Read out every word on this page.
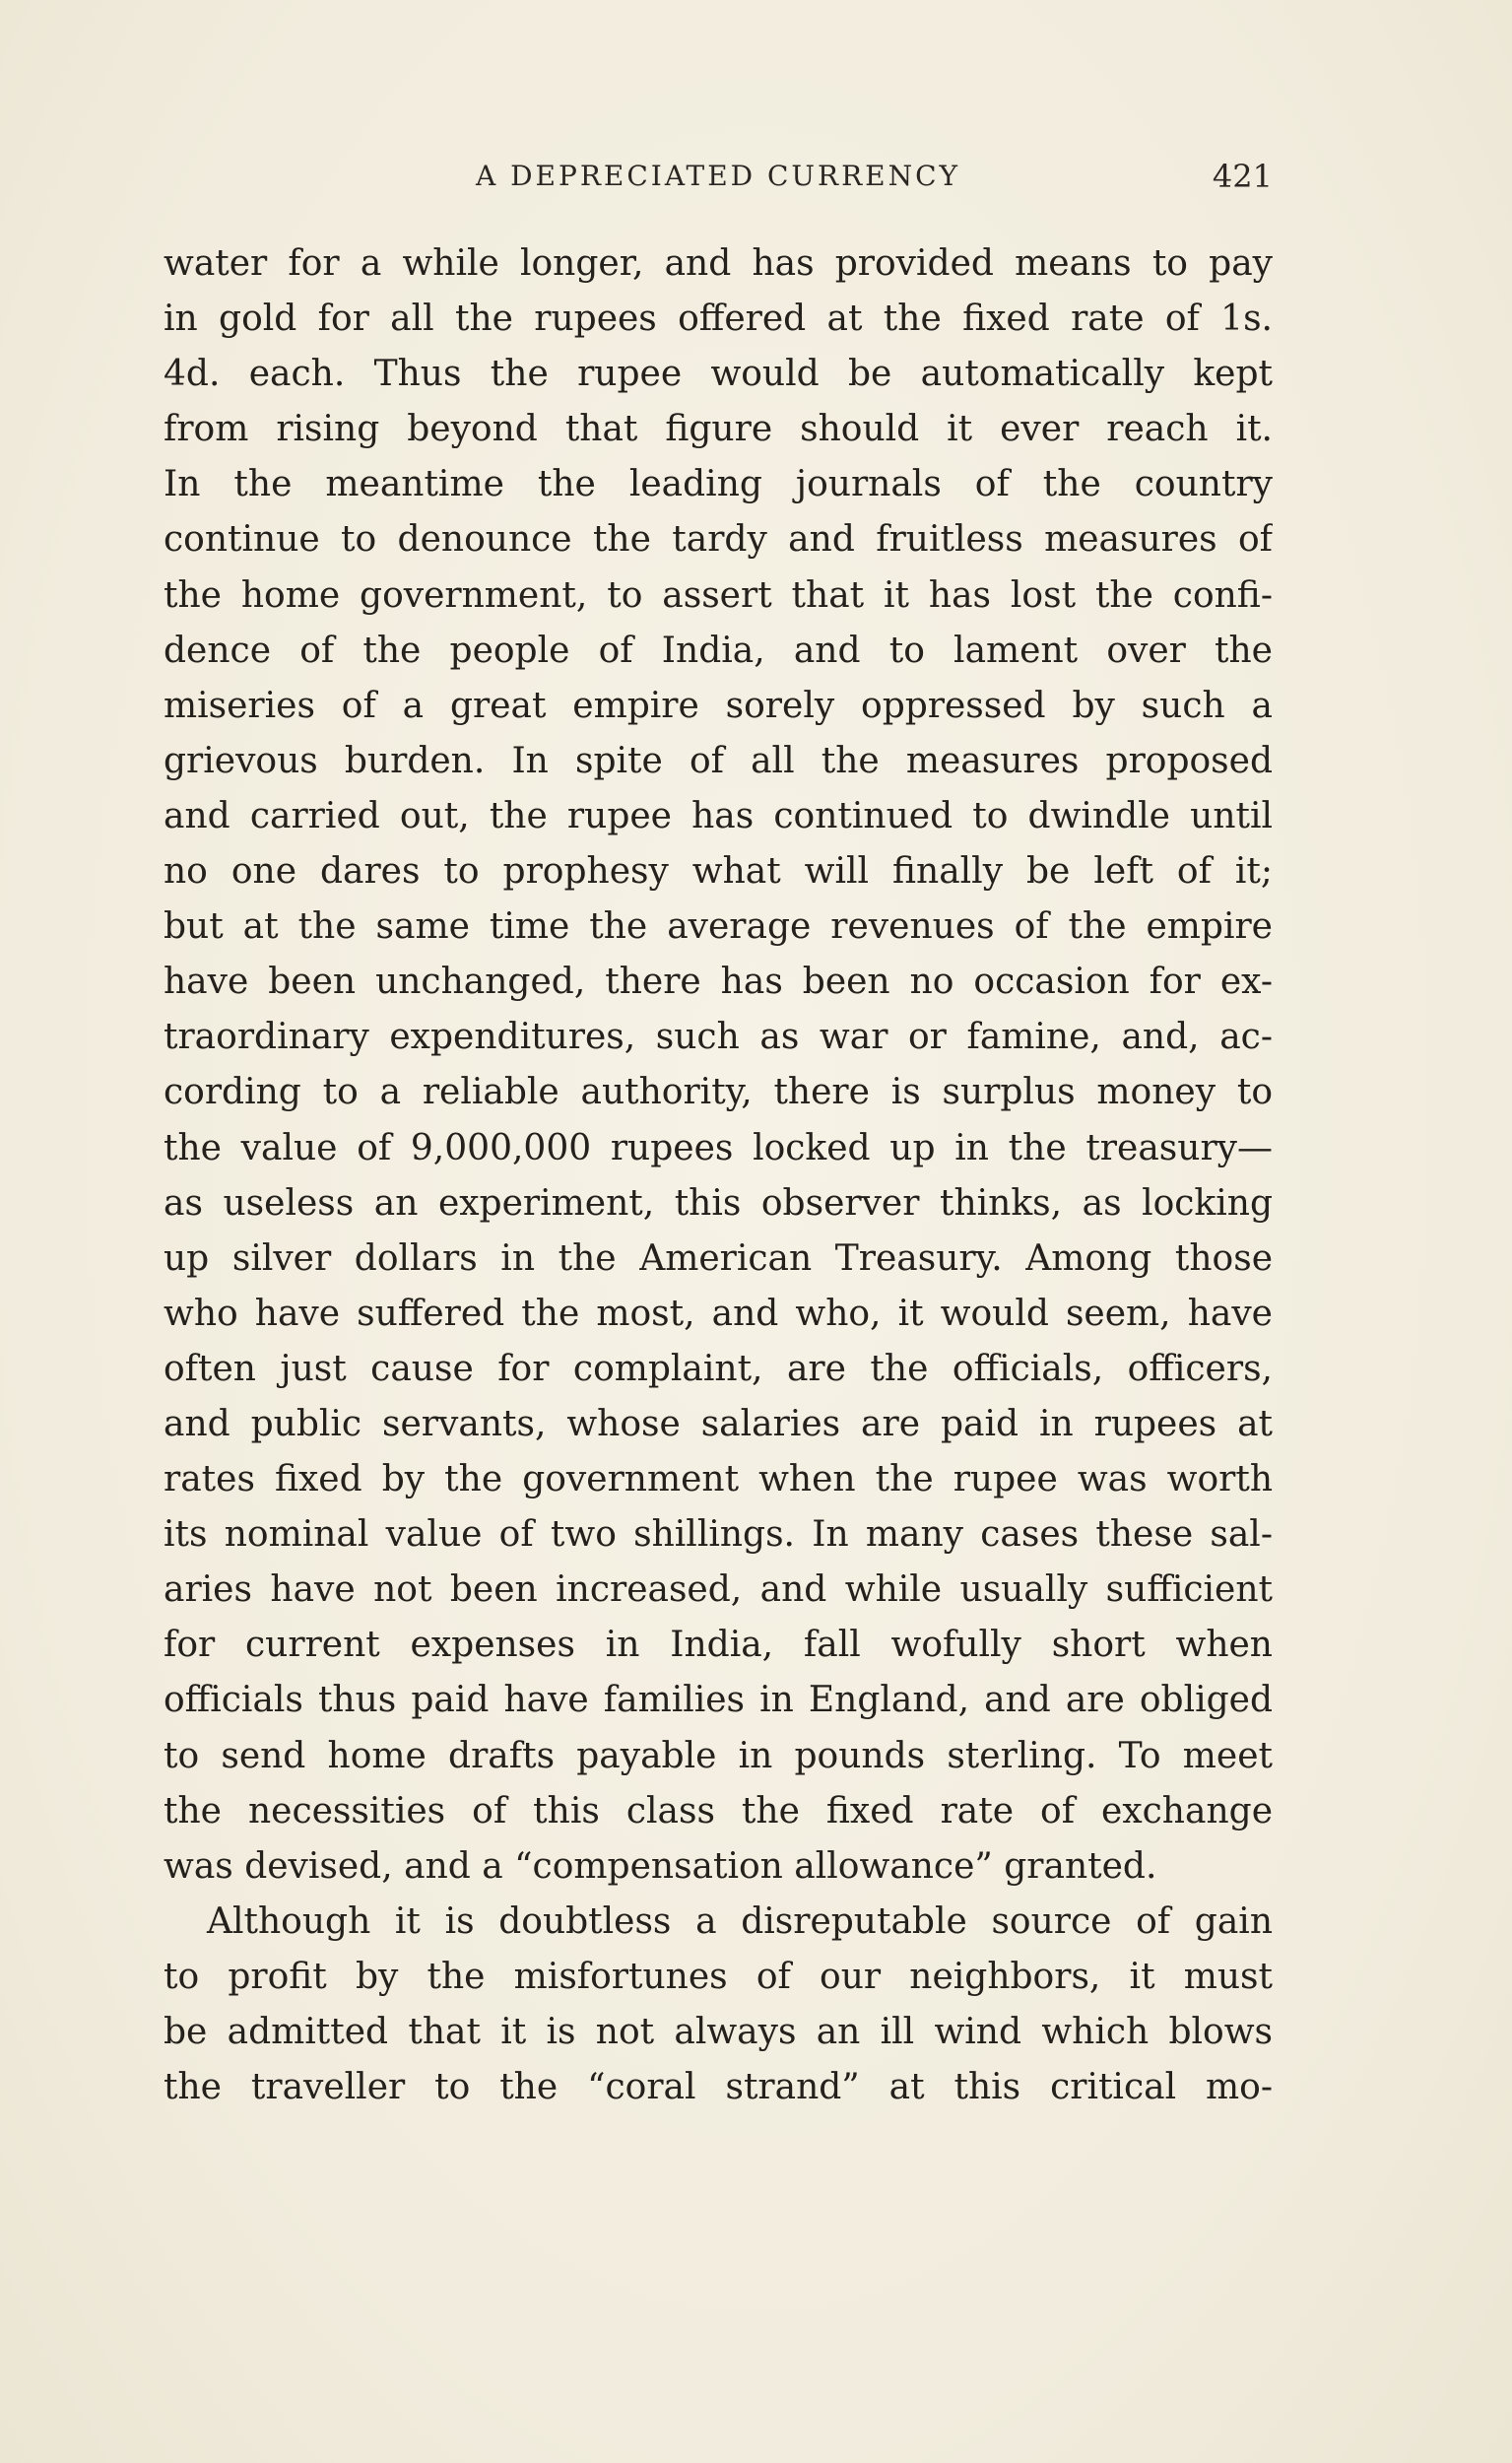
A DEPRECIATED CURRENCY	421
water for a while longer, and has provided means to pay
in gold for all the rupees offered at the fixed rate of 1s.
4d. each. Thus the rupee would be automatically kept
from rising beyond that figure should it ever reach it.
In the meantime the leading journals of the country
continue to denounce the tardy and fruitless measures of
the home government, to assert that it has lost the confi-
dence of the people of India, and to lament over the
miseries of a great empire sorely oppressed by such a
grievous burden. In spite of all the measures proposed
and carried out, the rupee has continued to dwindle until
no one dares to prophesy what will finally be left of it;
but at the same time the average revenues of the empire
have been unchanged, there has been no occasion for ex-
traordinary expenditures, such as war or famine, and, ac-
cording to a reliable authority, there is surplus money to
the value of 9,000,000 rupees locked up in the treasury—
as useless an experiment, this observer thinks, as locking
up silver dollars in the American Treasury. Among those
who have suffered the most, and who, it would seem, have
often just cause for complaint, are the officials, officers,
and public servants, whose salaries are paid in rupees at
rates fixed by the government when the rupee was worth
its nominal value of two shillings. In many cases these sal-
aries have not been increased, and while usually sufficient
for current expenses in India, fall wofully short when
officials thus paid have families in England, and are obliged
to send home drafts payable in pounds sterling. To meet
the necessities of this class the fixed rate of exchange
was devised, and a “compensation allowance” granted.
Although it is doubtless a disreputable source of gain
to profit by the misfortunes of our neighbors, it must
be admitted that it is not always an ill wind which blows
the traveller to the “coral strand” at this critical mo-
